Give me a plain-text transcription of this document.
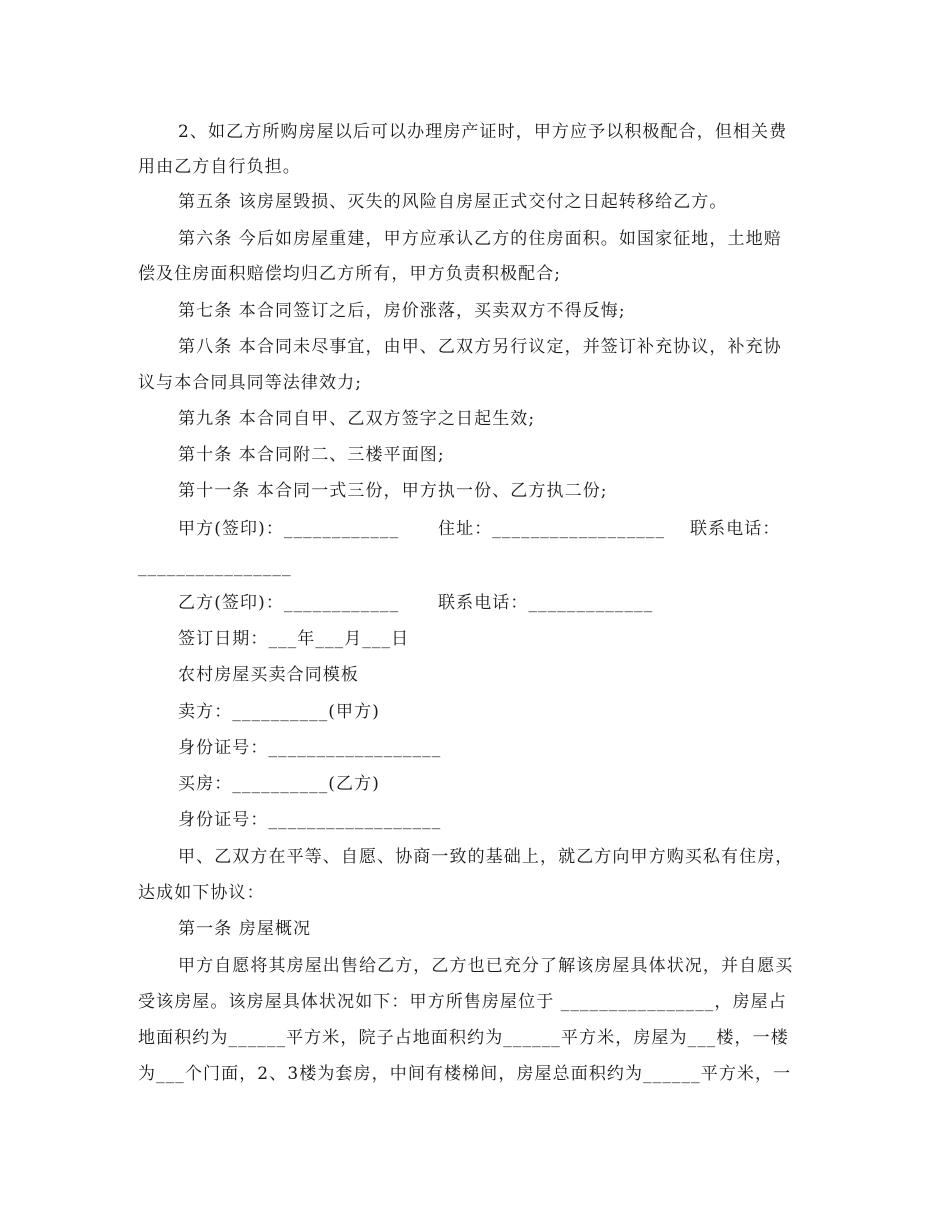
2、如乙方所购房屋以后可以办理房产证时，甲方应予以积极配合，但相关费

用由乙方自行负担。

第五条 该房屋毁损、灭失的风险自房屋正式交付之日起转移给乙方。

第六条 今后如房屋重建，甲方应承认乙方的住房面积。如国家征地，土地赔

偿及住房面积赔偿均归乙方所有，甲方负责积极配合;

第七条 本合同签订之后，房价涨落，买卖双方不得反悔;

第八条 本合同未尽事宜，由甲、乙双方另行议定，并签订补充协议，补充协

议与本合同具同等法律效力;

第九条 本合同自甲、乙双方签字之日起生效;

第十条 本合同附二、三楼平面图;

第十一条 本合同一式三份，甲方执一份、乙方执二份;

甲方(签印)：____________ 住址：__________________ 联系电话：

________________

乙方(签印)：____________ 联系电话：_____________

签订日期：___年___月___日

农村房屋买卖合同模板

卖方：__________(甲方)

身份证号：__________________

买房：__________(乙方)

身份证号：__________________

甲、乙双方在平等、自愿、协商一致的基础上，就乙方向甲方购买私有住房，

达成如下协议：

第一条 房屋概况

甲方自愿将其房屋出售给乙方，乙方也已充分了解该房屋具体状况，并自愿买

受该房屋。该房屋具体状况如下：甲方所售房屋位于 ________________，房屋占

地面积约为______平方米，院子占地面积约为______平方米，房屋为___楼，一楼

为___个门面，2、3楼为套房，中间有楼梯间，房屋总面积约为______平方米，一
